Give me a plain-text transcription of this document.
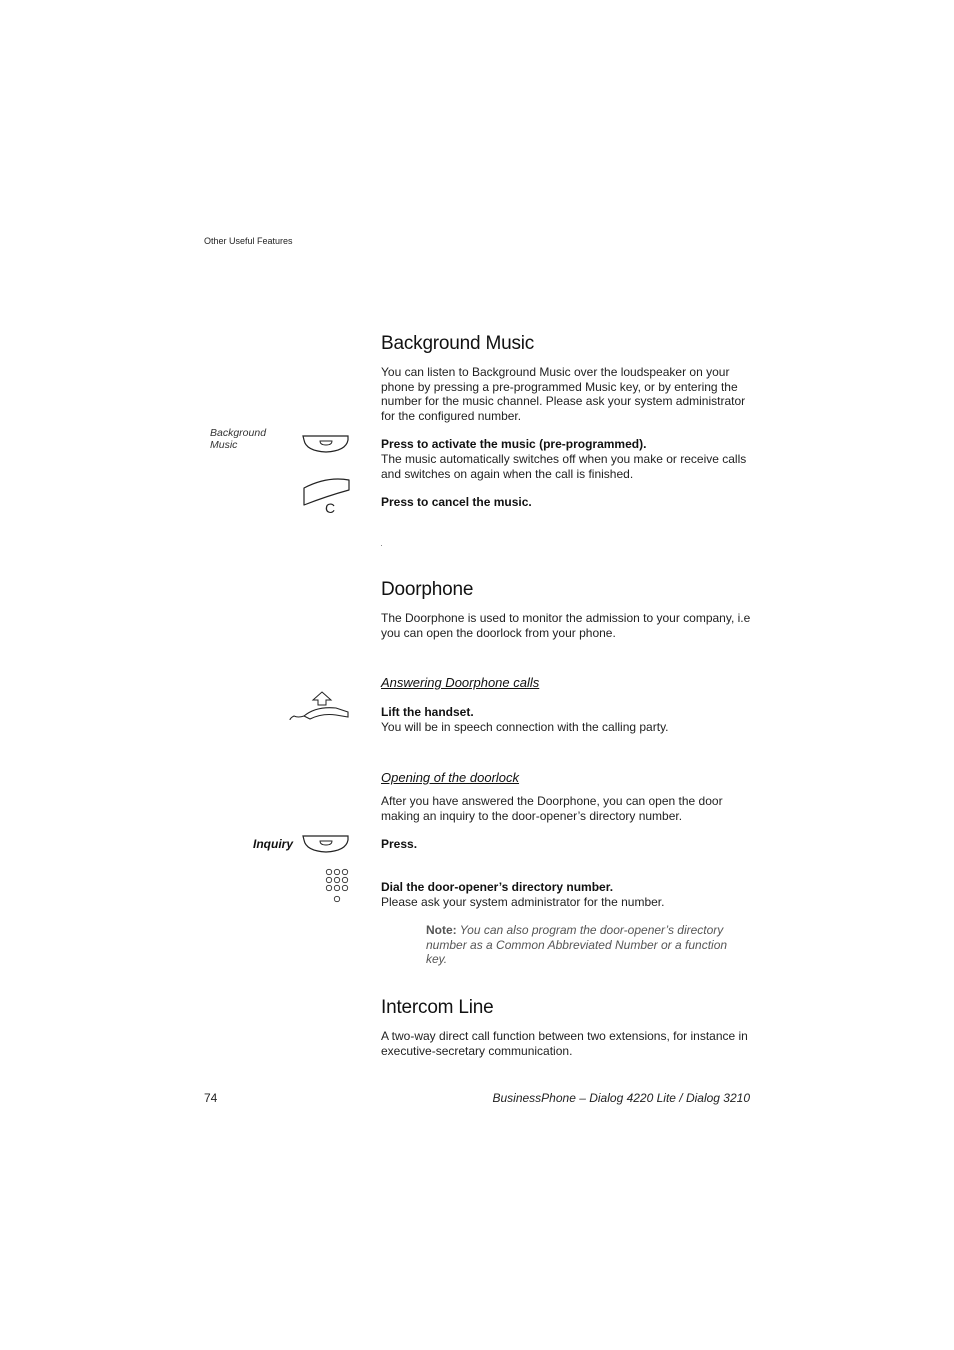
Other Useful Features
Background Music
You can listen to Background Music over the loudspeaker on your phone by pressing a pre-programmed Music key, or by entering the number for the music channel. Please ask your system administrator for the configured number.
Background Music	Press to activate the music (pre-programmed).
The music automatically switches off when you make or receive calls and switches on again when the call is finished.
C	Press to cancel the music.
Doorphone
The Doorphone is used to monitor the admission to your company, i.e you can open the doorlock from your phone.
Answering Doorphone calls
Lift the handset.
You will be in speech connection with the calling party.
Opening of the doorlock
After you have answered the Doorphone, you can open the door making an inquiry to the door-opener’s directory number.
Inquiry	Press.
Dial the door-opener’s directory number.
Please ask your system administrator for the number.
Note: You can also program the door-opener’s directory number as a Common Abbreviated Number or a function key.
Intercom Line
A two-way direct call function between two extensions, for instance in executive-secretary communication.
74	BusinessPhone – Dialog 4220 Lite / Dialog 3210
